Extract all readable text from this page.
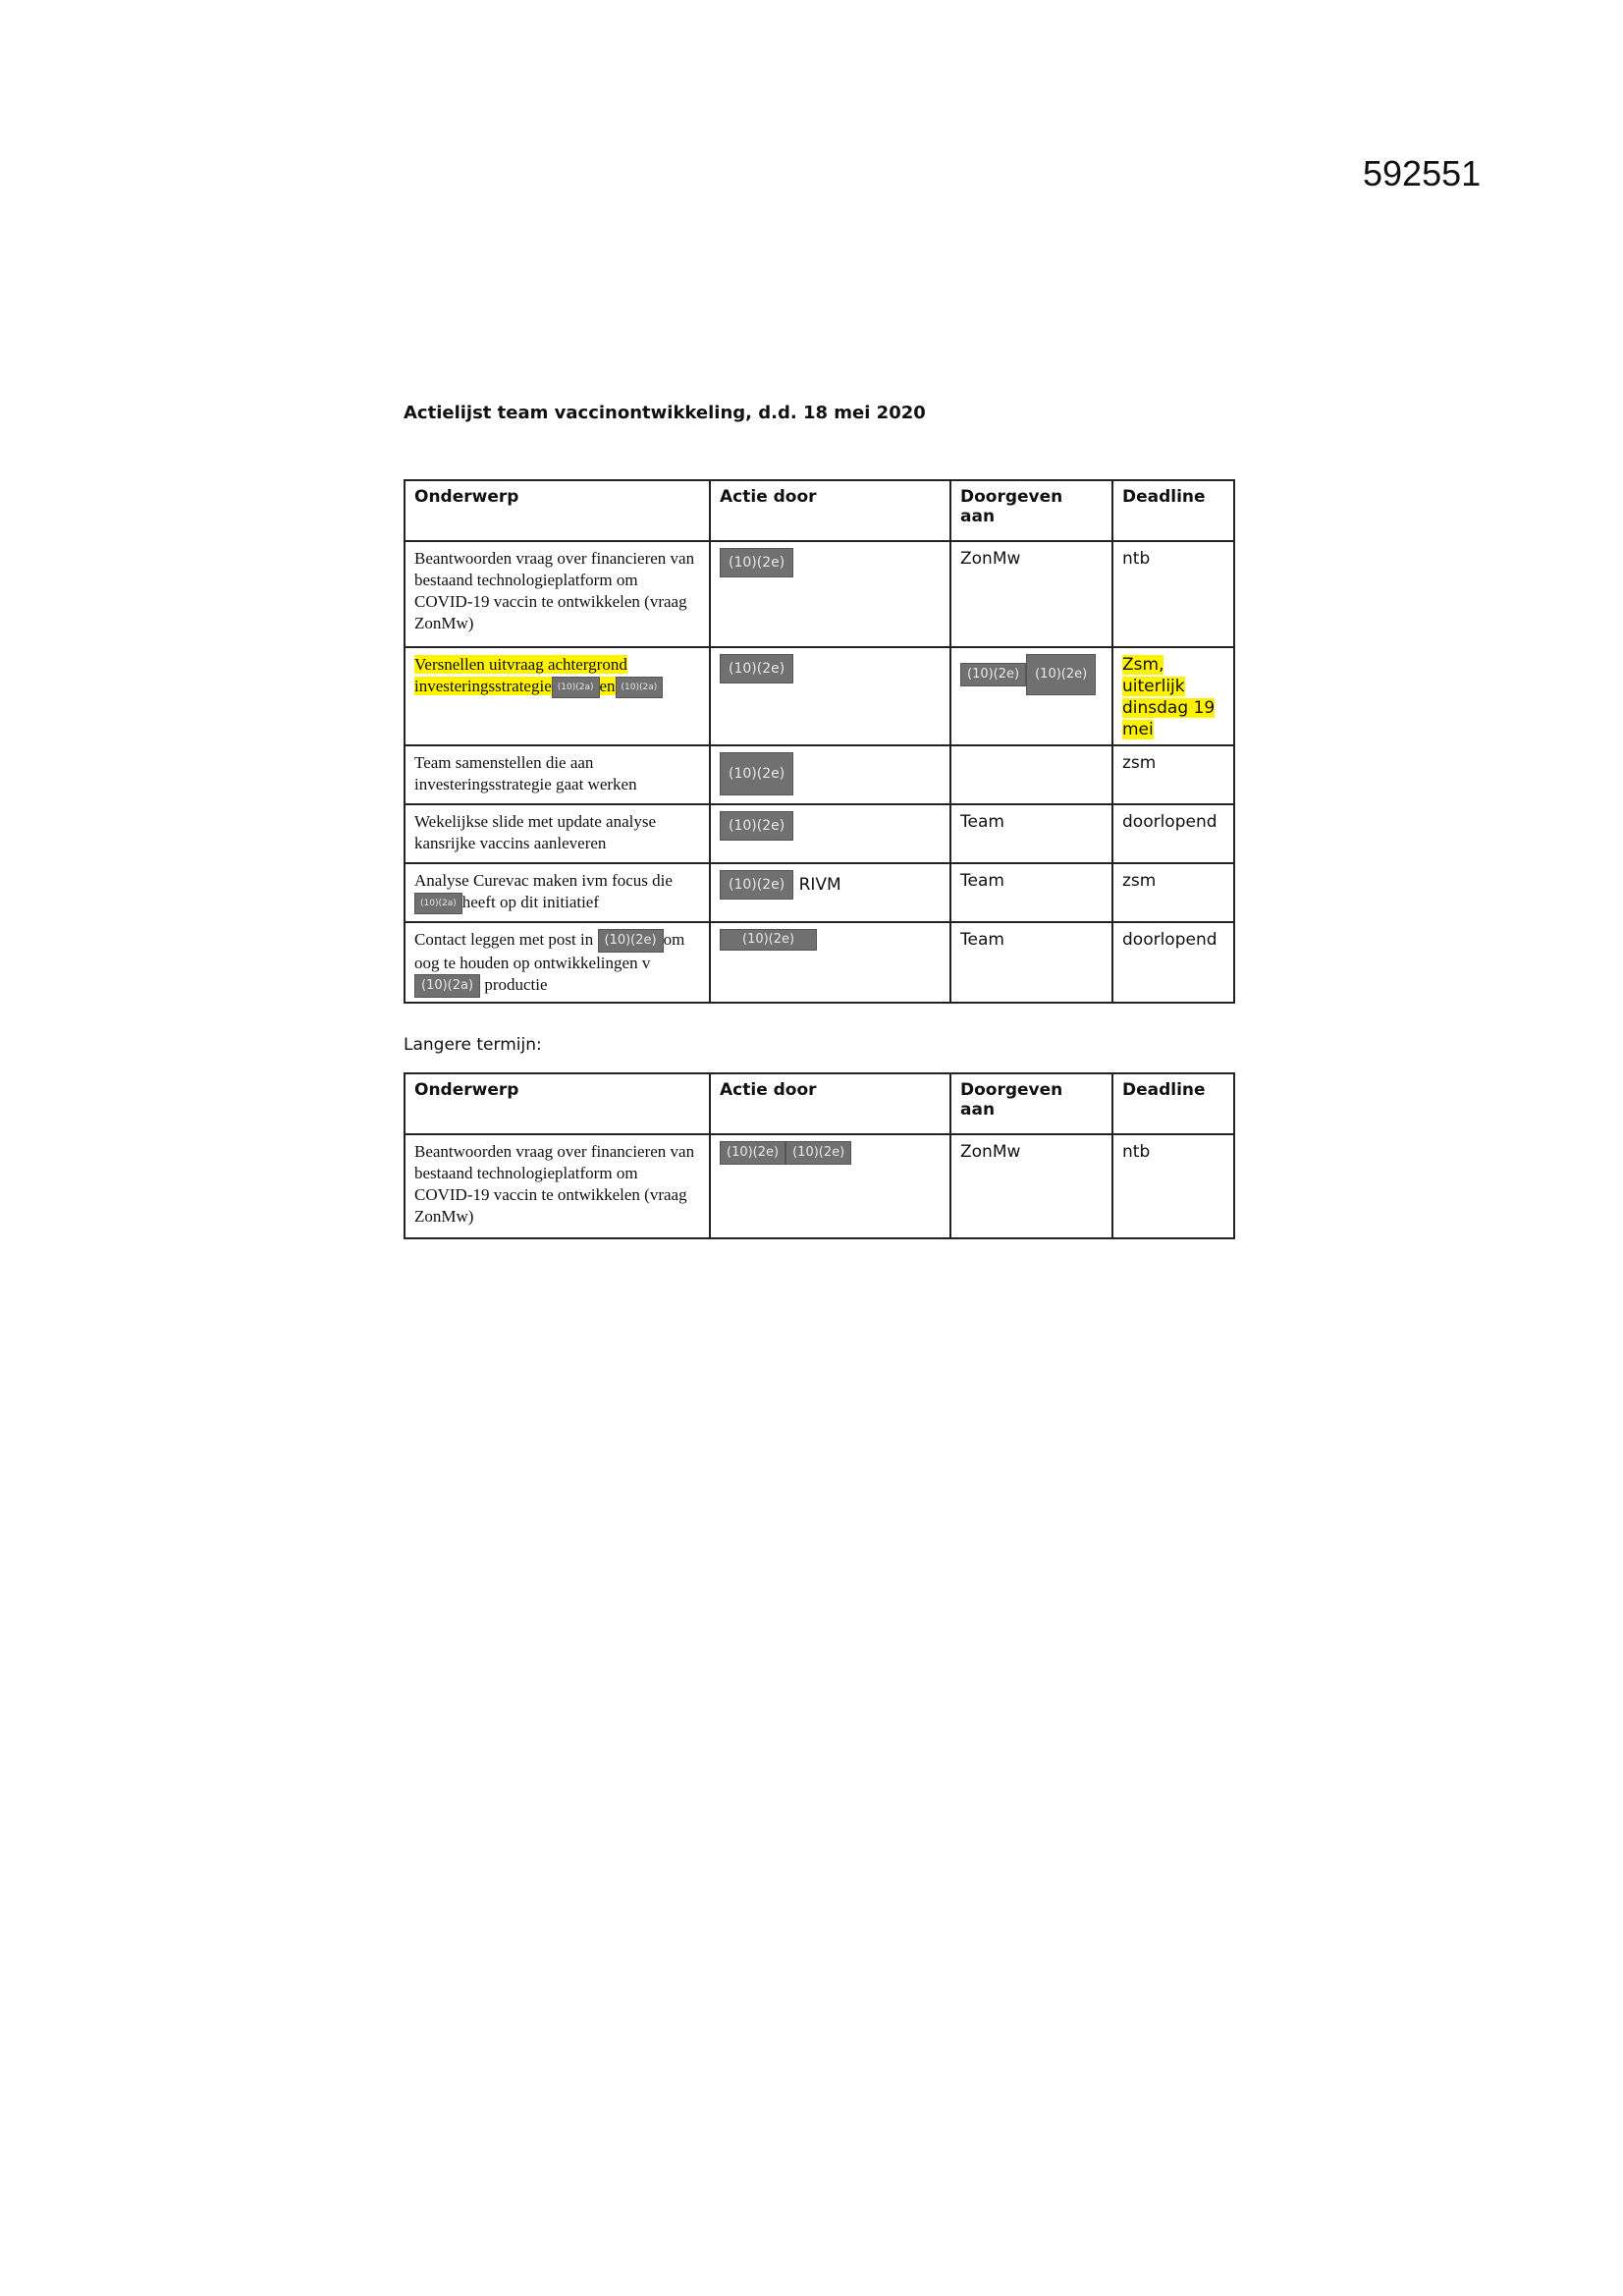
592551
Actielijst team vaccinontwikkeling, d.d. 18 mei 2020
Onderwerp	Actie door	Doorgeven aan	Deadline
Beantwoorden vraag over financieren van bestaand technologieplatform om COVID-19 vaccin te ontwikkelen (vraag ZonMw)	(10)(2e)	ZonMw	ntb
Versnellen uitvraag achtergrond investeringsstrategie (10)(2a) en (10)(2a)	(10)(2e)	(10)(2e) (10)(2e)	Zsm, uiterlijk dinsdag 19 mei
Team samenstellen die aan investeringsstrategie gaat werken	(10)(2e)		zsm
Wekelijkse slide met update analyse kansrijke vaccins aanleveren	(10)(2e)	Team	doorlopend
Analyse Curevac maken ivm focus die
(10)(2a) heeft op dit initiatief	(10)(2e) RIVM	Team	zsm
Contact leggen met post in (10)(2e) om oog te houden op ontwikkelingen v
(10)(2a) productie	(10)(2e)	Team	doorlopend
Langere termijn:
Onderwerp	Actie door	Doorgeven aan	Deadline
Beantwoorden vraag over financieren van bestaand technologieplatform om COVID-19 vaccin te ontwikkelen (vraag ZonMw)	(10)(2e) (10)(2e)	ZonMw	ntb
